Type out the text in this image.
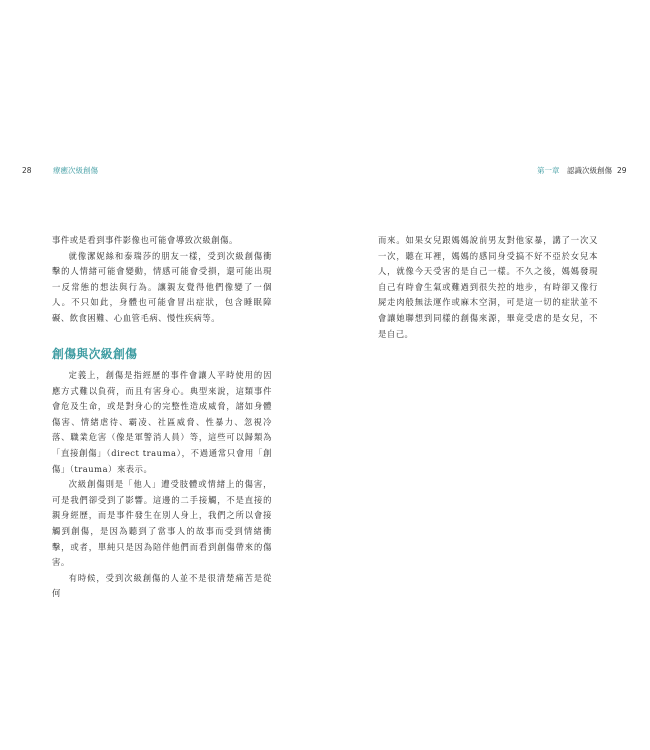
28	療癒次級創傷	第一章 認識次級創傷 29

事件或是看到事件影像也可能會導致次級創傷。

就像潔妮絲和泰瑞莎的朋友一樣，受到次級創傷衝擊的人情緒可能會變動，情感可能會受損，還可能出現一反常態的想法與行為。讓親友覺得他們像變了一個人。不只如此，身體也可能會冒出症狀，包含睡眠障礙、飲食困難、心血管毛病、慢性疾病等。

創傷與次級創傷

定義上，創傷是指經歷的事件會讓人平時使用的因應方式難以負荷，而且有害身心。典型來說，這類事件會危及生命，或是對身心的完整性造成威脅，諸如身體傷害、情緒虐待、霸凌、社區威脅、性暴力、忽視冷落、職業危害（像是軍警消人員）等，這些可以歸類為「直接創傷」（direct trauma），不過通常只會用「創傷」（trauma）來表示。

次級創傷則是「他人」遭受肢體或情緒上的傷害，可是我們卻受到了影響。這邊的二手接觸，不是直接的親身經歷，而是事件發生在別人身上，我們之所以會接觸到創傷，是因為聽到了當事人的故事而受到情緒衝擊，或者，單純只是因為陪伴他們而看到創傷帶來的傷害。

有時候，受到次級創傷的人並不是很清楚痛苦是從何

而來。如果女兒跟媽媽說前男友對他家暴，講了一次又一次，聽在耳裡，媽媽的感同身受搞不好不亞於女兒本人，就像今天受害的是自己一樣。不久之後，媽媽發現自己有時會生氣或難過到很失控的地步，有時卻又像行屍走肉般無法運作或麻木空洞，可是這一切的症狀並不會讓她聯想到同樣的創傷來源，畢竟受虐的是女兒，不是自己。
